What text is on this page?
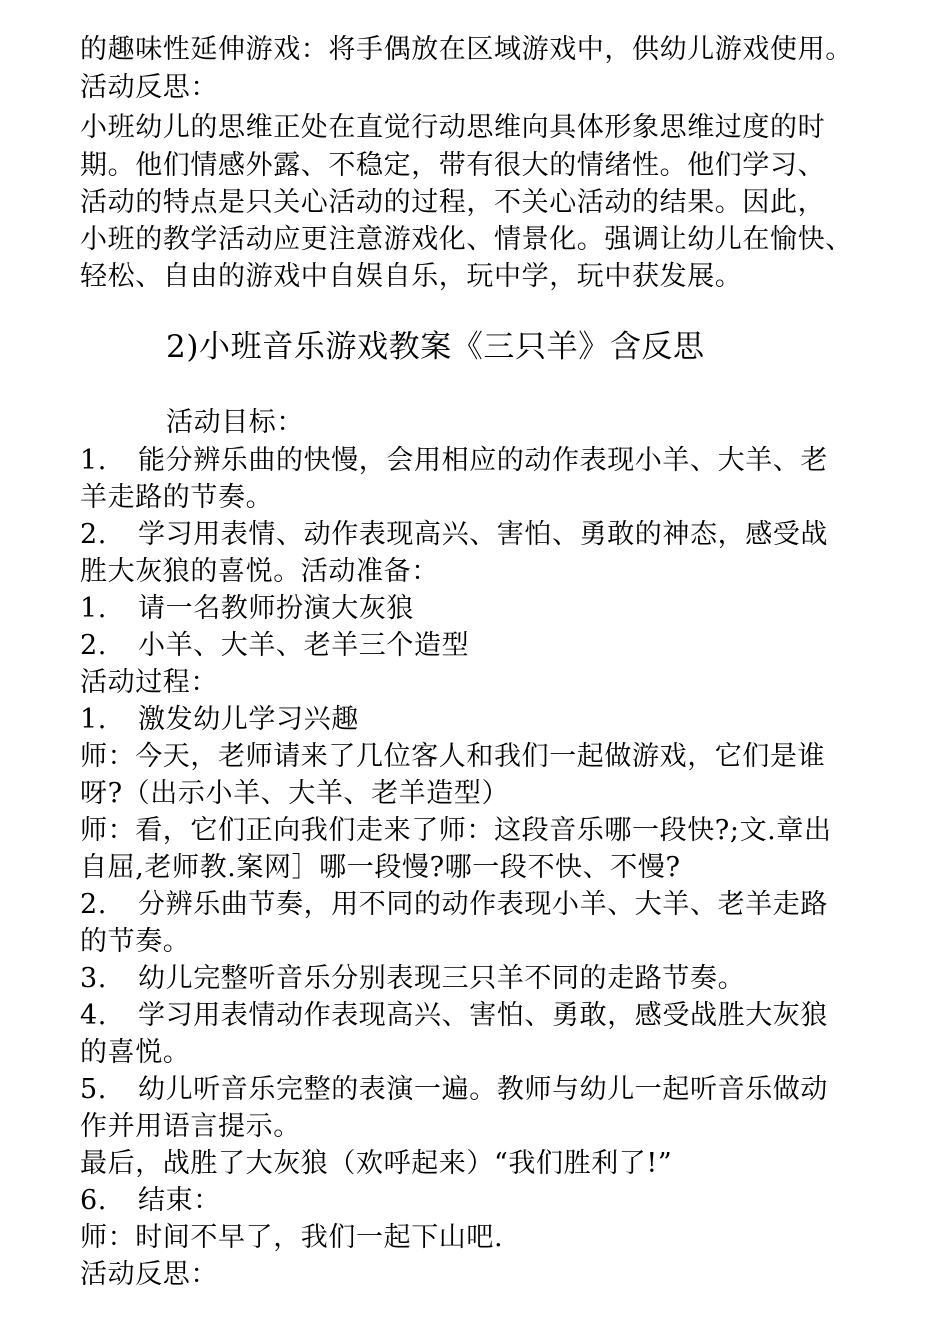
的趣味性延伸游戏：将手偶放在区域游戏中，供幼儿游戏使用。
活动反思：
小班幼儿的思维正处在直觉行动思维向具体形象思维过度的时
期。他们情感外露、不稳定，带有很大的情绪性。他们学习、
活动的特点是只关心活动的过程，不关心活动的结果。因此，
小班的教学活动应更注意游戏化、情景化。强调让幼儿在愉快、
轻松、自由的游戏中自娱自乐，玩中学，玩中获发展。
2)小班音乐游戏教案《三只羊》含反思
活动目标：
1. 能分辨乐曲的快慢，会用相应的动作表现小羊、大羊、老
羊走路的节奏。
2. 学习用表情、动作表现高兴、害怕、勇敢的神态，感受战
胜大灰狼的喜悦。活动准备：
1. 请一名教师扮演大灰狼
2. 小羊、大羊、老羊三个造型
活动过程：
1. 激发幼儿学习兴趣
师：今天，老师请来了几位客人和我们一起做游戏，它们是谁
呀?（出示小羊、大羊、老羊造型）
师：看，它们正向我们走来了师：这段音乐哪一段快?;文.章出
自屈,老师教.案网］哪一段慢?哪一段不快、不慢?
2. 分辨乐曲节奏，用不同的动作表现小羊、大羊、老羊走路
的节奏。
3. 幼儿完整听音乐分别表现三只羊不同的走路节奏。
4. 学习用表情动作表现高兴、害怕、勇敢，感受战胜大灰狼
的喜悦。
5. 幼儿听音乐完整的表演一遍。教师与幼儿一起听音乐做动
作并用语言提示。
最后，战胜了大灰狼（欢呼起来）“我们胜利了!”
6. 结束：
师：时间不早了，我们一起下山吧.
活动反思：
